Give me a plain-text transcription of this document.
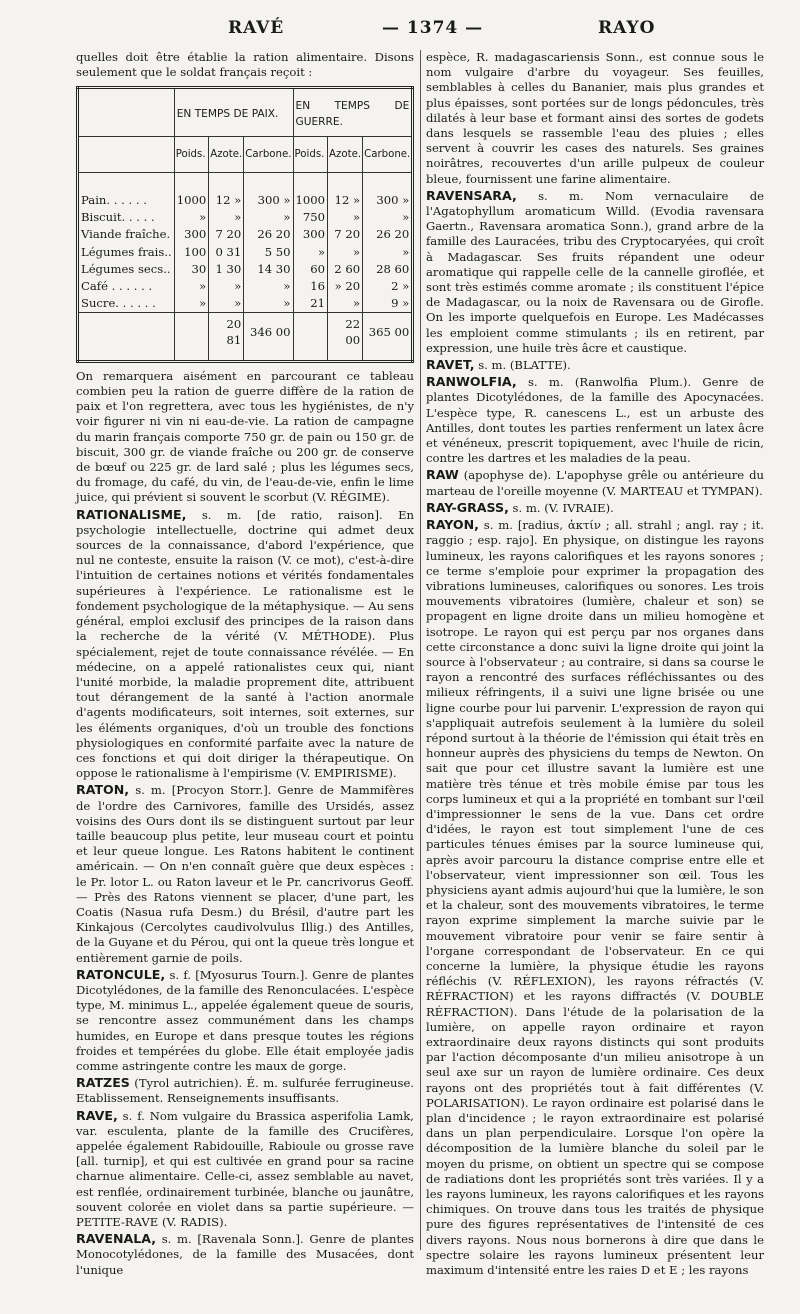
RAVÉ	— 1374 —	RAYO

quelles doit être établie la ration alimentaire. Disons seulement que le soldat français reçoit :

	EN TEMPS DE PAIX.			EN TEMPS DE GUERRE.		
	Poids.	Azote.	Carbone.	Poids.	Azote.	Carbone.
Pain. . . . . .	1000	12 »	300 »	1000	12 »	300 »
Biscuit. . . . .	»	»	»	750	»	»
Viande fraîche.	300	7 20	26 20	300	7 20	26 20
Légumes frais..	100	0 31	5 50	»	»	»
Légumes secs..	30	1 30	14 30	60	2 60	28 60
Café . . . . . .	»	»	»	16	» 20	2 »
Sucre. . . . . .	»	»	»	21	»	9 »
		20 81	346 00		22 00	365 00

On remarquera aisément en parcourant ce tableau combien peu la ration de guerre diffère de la ration de paix et l'on regrettera, avec tous les hygiénistes, de n'y voir figurer ni vin ni eau-de-vie. La ration de campagne du marin français comporte 750 gr. de pain ou 150 gr. de biscuit, 300 gr. de viande fraîche ou 200 gr. de conserve de bœuf ou 225 gr. de lard salé ; plus les légumes secs, du fromage, du café, du vin, de l'eau-de-vie, enfin le lime juice, qui prévient si souvent le scorbut (V. RÉGIME).

RATIONALISME, s. m. [de ratio, raison]. En psychologie intellectuelle, doctrine qui admet deux sources de la connaissance, d'abord l'expérience, que nul ne conteste, ensuite la raison (V. ce mot), c'est-à-dire l'intuition de certaines notions et vérités fondamentales supérieures à l'expérience. Le rationalisme est le fondement psychologique de la métaphysique. — Au sens général, emploi exclusif des principes de la raison dans la recherche de la vérité (V. MÉTHODE). Plus spécialement, rejet de toute connaissance révélée. — En médecine, on a appelé rationalistes ceux qui, niant l'unité morbide, la maladie proprement dite, attribuent tout dérangement de la santé à l'action anormale d'agents modificateurs, soit internes, soit externes, sur les éléments organiques, d'où un trouble des fonctions physiologiques en conformité parfaite avec la nature de ces fonctions et qui doit diriger la thérapeutique. On oppose le rationalisme à l'empirisme (V. EMPIRISME).

RATON, s. m. [Procyon Storr.]. Genre de Mammifères de l'ordre des Carnivores, famille des Ursidés, assez voisins des Ours dont ils se distinguent surtout par leur taille beaucoup plus petite, leur museau court et pointu et leur queue longue. Les Ratons habitent le continent américain. — On n'en connaît guère que deux espèces : le Pr. lotor L. ou Raton laveur et le Pr. cancrivorus Geoff. — Près des Ratons viennent se placer, d'une part, les Coatis (Nasua rufa Desm.) du Brésil, d'autre part les Kinkajous (Cercolytes caudivolvulus Illig.) des Antilles, de la Guyane et du Pérou, qui ont la queue très longue et entièrement garnie de poils.

RATONCULE, s. f. [Myosurus Tourn.]. Genre de plantes Dicotylédones, de la famille des Renonculacées. L'espèce type, M. minimus L., appelée également queue de souris, se rencontre assez communément dans les champs humides, en Europe et dans presque toutes les régions froides et tempérées du globe. Elle était employée jadis comme astringente contre les maux de gorge.

RATZES (Tyrol autrichien). É. m. sulfurée ferrugineuse. Etablissement. Renseignements insuffisants.

RAVE, s. f. Nom vulgaire du Brassica asperifolia Lamk, var. esculenta, plante de la famille des Crucifères, appelée également Rabidouille, Rabioule ou grosse rave [all. turnip], et qui est cultivée en grand pour sa racine charnue alimentaire. Celle-ci, assez semblable au navet, est renflée, ordinairement turbinée, blanche ou jaunâtre, souvent colorée en violet dans sa partie supérieure. — PETITE-RAVE (V. RADIS).

RAVENALA, s. m. [Ravenala Sonn.]. Genre de plantes Monocotylédones, de la famille des Musacées, dont l'unique

espèce, R. madagascariensis Sonn., est connue sous le nom vulgaire d'arbre du voyageur. Ses feuilles, semblables à celles du Bananier, mais plus grandes et plus épaisses, sont portées sur de longs pédoncules, très dilatés à leur base et formant ainsi des sortes de godets dans lesquels se rassemble l'eau des pluies ; elles servent à couvrir les cases des naturels. Ses graines noirâtres, recouvertes d'un arille pulpeux de couleur bleue, fournissent une farine alimentaire.

RAVENSARA, s. m. Nom vernaculaire de l'Agatophyllum aromaticum Willd. (Evodia ravensara Gaertn., Ravensara aromatica Sonn.), grand arbre de la famille des Lauracées, tribu des Cryptocaryées, qui croît à Madagascar. Ses fruits répandent une odeur aromatique qui rappelle celle de la cannelle giroflée, et sont très estimés comme aromate ; ils constituent l'épice de Madagascar, ou la noix de Ravensara ou de Girofle. On les importe quelquefois en Europe. Les Madécasses les emploient comme stimulants ; ils en retirent, par expression, une huile très âcre et caustique.

RAVET, s. m. (BLATTE).

RANWOLFIA, s. m. (Ranwolfia Plum.). Genre de plantes Dicotylédones, de la famille des Apocynacées. L'espèce type, R. canescens L., est un arbuste des Antilles, dont toutes les parties renferment un latex âcre et vénéneux, prescrit topiquement, avec l'huile de ricin, contre les dartres et les maladies de la peau.

RAW (apophyse de). L'apophyse grêle ou antérieure du marteau de l'oreille moyenne (V. MARTEAU et TYMPAN).

RAY-GRASS, s. m. (V. IVRAIE).

RAYON, s. m. [radius, ἀκτίν ; all. strahl ; angl. ray ; it. raggio ; esp. rajo]. En physique, on distingue les rayons lumineux, les rayons calorifiques et les rayons sonores ; ce terme s'emploie pour exprimer la propagation des vibrations lumineuses, calorifiques ou sonores. Les trois mouvements vibratoires (lumière, chaleur et son) se propagent en ligne droite dans un milieu homogène et isotrope. Le rayon qui est perçu par nos organes dans cette circonstance a donc suivi la ligne droite qui joint la source à l'observateur ; au contraire, si dans sa course le rayon a rencontré des surfaces réfléchissantes ou des milieux réfringents, il a suivi une ligne brisée ou une ligne courbe pour lui parvenir. L'expression de rayon qui s'appliquait autrefois seulement à la lumière du soleil répond surtout à la théorie de l'émission qui était très en honneur auprès des physiciens du temps de Newton. On sait que pour cet illustre savant la lumière est une matière très ténue et très mobile émise par tous les corps lumineux et qui a la propriété en tombant sur l'œil d'impressionner le sens de la vue. Dans cet ordre d'idées, le rayon est tout simplement l'une de ces particules ténues émises par la source lumineuse qui, après avoir parcouru la distance comprise entre elle et l'observateur, vient impressionner son œil. Tous les physiciens ayant admis aujourd'hui que la lumière, le son et la chaleur, sont des mouvements vibratoires, le terme rayon exprime simplement la marche suivie par le mouvement vibratoire pour venir se faire sentir à l'organe correspondant de l'observateur. En ce qui concerne la lumière, la physique étudie les rayons réfléchis (V. RÉFLEXION), les rayons réfractés (V. RÉFRACTION) et les rayons diffractés (V. DOUBLE RÉFRACTION). Dans l'étude de la polarisation de la lumière, on appelle rayon ordinaire et rayon extraordinaire deux rayons distincts qui sont produits par l'action décomposante d'un milieu anisotrope à un seul axe sur un rayon de lumière ordinaire. Ces deux rayons ont des propriétés tout à fait différentes (V. POLARISATION). Le rayon ordinaire est polarisé dans le plan d'incidence ; le rayon extraordinaire est polarisé dans un plan perpendiculaire. Lorsque l'on opère la décomposition de la lumière blanche du soleil par le moyen du prisme, on obtient un spectre qui se compose de radiations dont les propriétés sont très variées. Il y a les rayons lumineux, les rayons calorifiques et les rayons chimiques. On trouve dans tous les traités de physique pure des figures représentatives de l'intensité de ces divers rayons. Nous nous bornerons à dire que dans le spectre solaire les rayons lumineux présentent leur maximum d'intensité entre les raies D et E ; les rayons
